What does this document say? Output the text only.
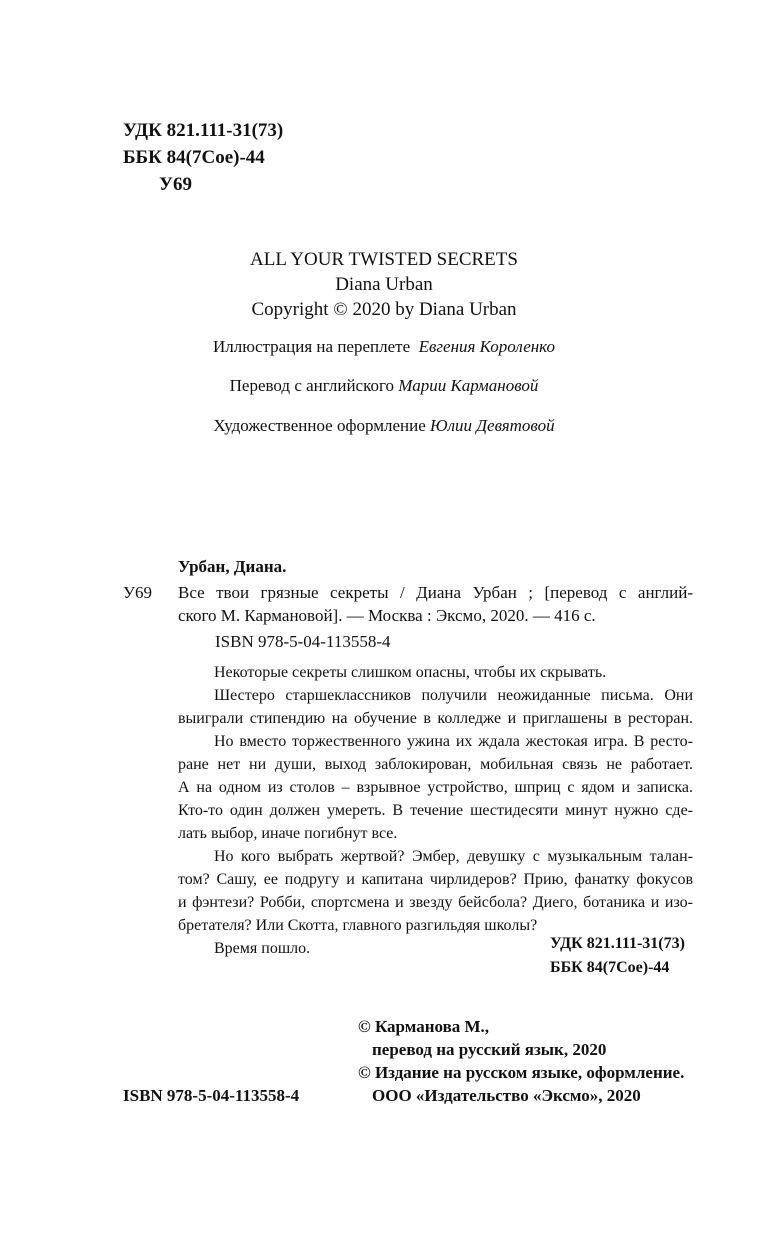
УДК 821.111-31(73)
ББК 84(7Сое)-44
У69
ALL YOUR TWISTED SECRETS
Diana Urban
Copyright © 2020 by Diana Urban
Иллюстрация на переплете Евгения Короленко
Перевод с английского Марии Кармановой
Художественное оформление Юлии Девятовой
Урбан, Диана.
У69 Все твои грязные секреты / Диана Урбан ; [перевод с англий-
ского М. Кармановой]. — Москва : Эксмо, 2020. — 416 с.
ISBN 978-5-04-113558-4
Некоторые секреты слишком опасны, чтобы их скрывать.
Шестеро старшеклассников получили неожиданные письма. Они
выиграли стипендию на обучение в колледже и приглашены в ресторан.
Но вместо торжественного ужина их ждала жестокая игра. В ресто-
ране нет ни души, выход заблокирован, мобильная связь не работает.
А на одном из столов – взрывное устройство, шприц с ядом и записка.
Кто-то один должен умереть. В течение шестидесяти минут нужно сде-
лать выбор, иначе погибнут все.
Но кого выбрать жертвой? Эмбер, девушку с музыкальным талан-
том? Сашу, ее подругу и капитана чирлидеров? Прию, фанатку фокусов
и фэнтези? Робби, спортсмена и звезду бейсбола? Диего, ботаника и изо-
бретателя? Или Скотта, главного разгильдяя школы?
Время пошло.	УДК 821.111-31(73)
ББК 84(7Сое)-44
© Карманова М.,
перевод на русский язык, 2020
© Издание на русском языке, оформление.
ООО «Издательство «Эксмо», 2020
ISBN 978-5-04-113558-4
